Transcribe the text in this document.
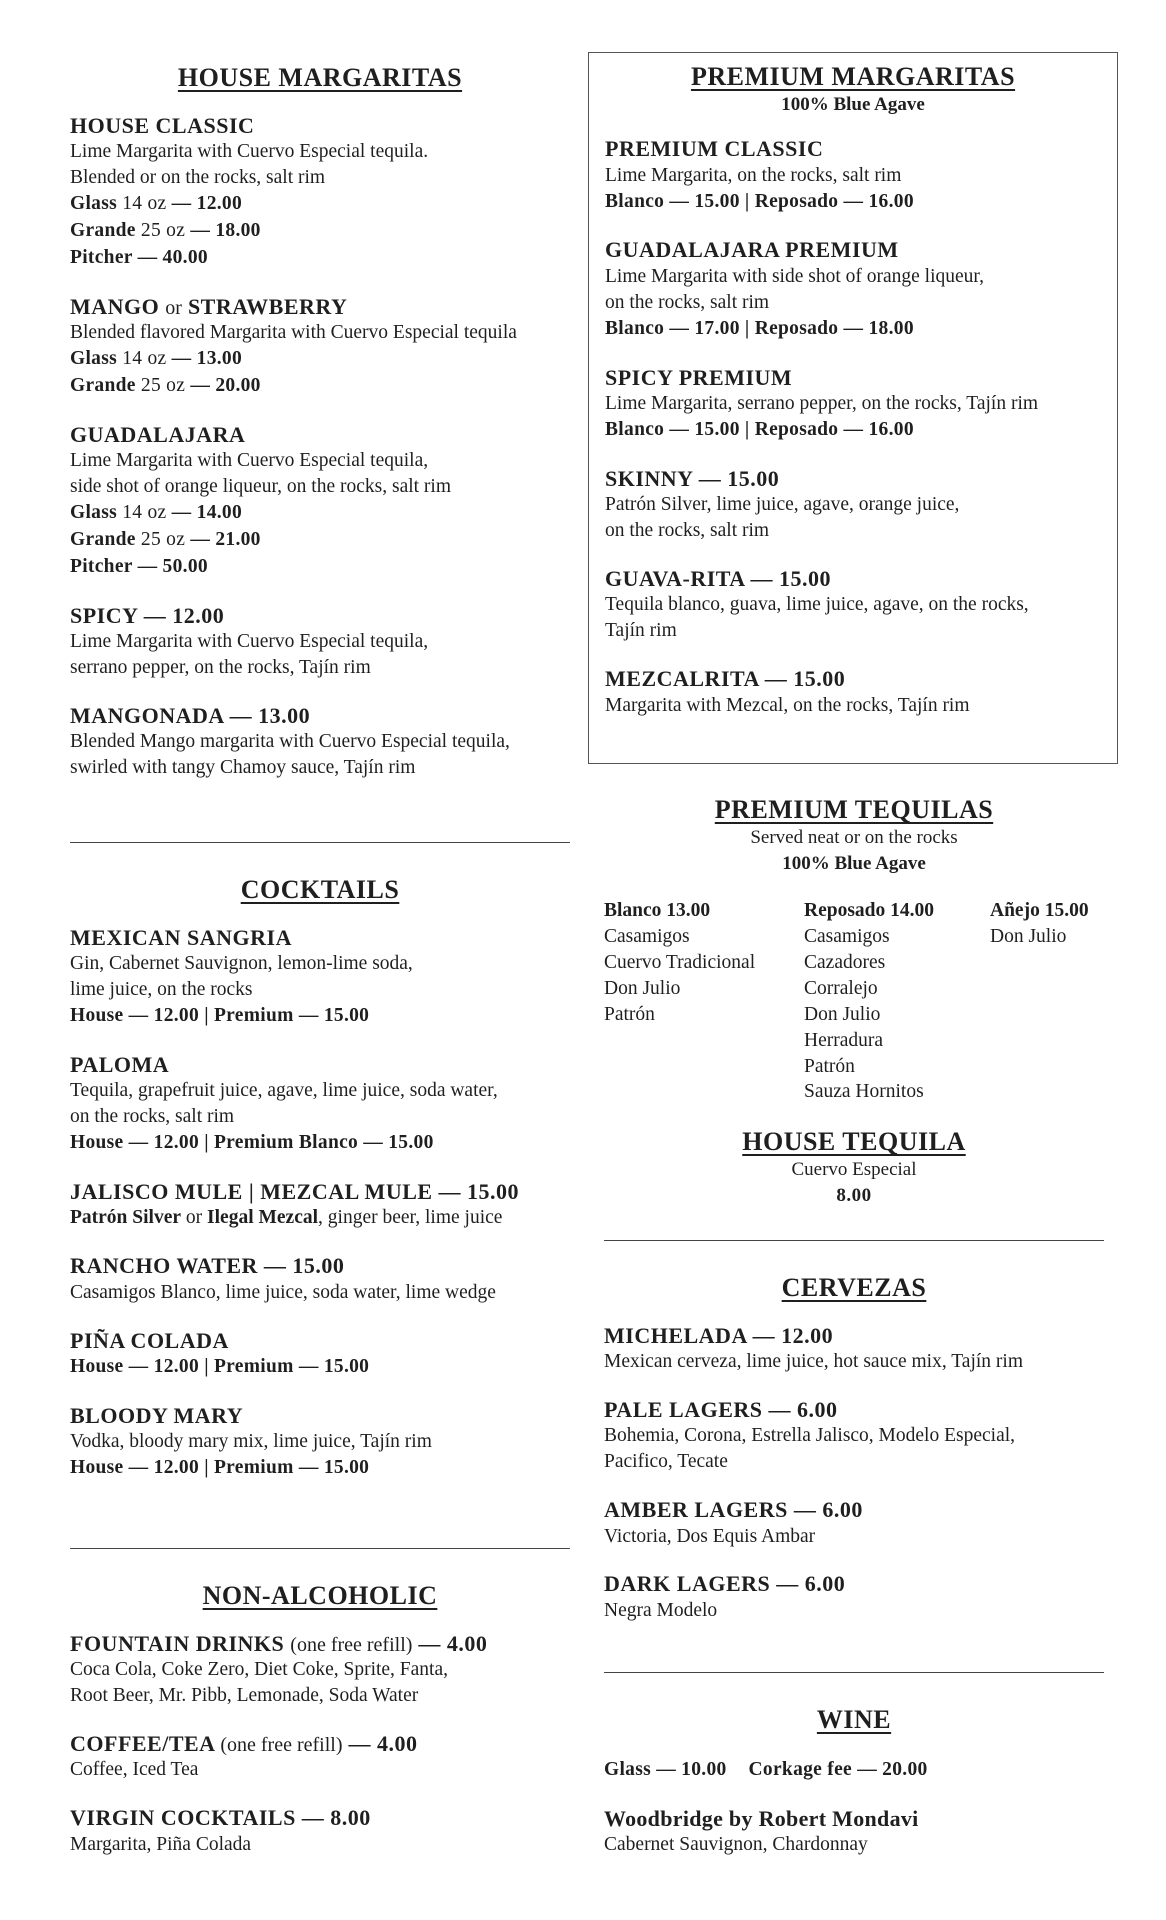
HOUSE MARGARITAS
HOUSE CLASSIC
Lime Margarita with Cuervo Especial tequila.
Blended or on the rocks, salt rim
Glass 14 oz — 12.00
Grande 25 oz — 18.00
Pitcher — 40.00
MANGO or STRAWBERRY
Blended flavored Margarita with Cuervo Especial tequila
Glass 14 oz — 13.00
Grande 25 oz — 20.00
GUADALAJARA
Lime Margarita with Cuervo Especial tequila,
side shot of orange liqueur, on the rocks, salt rim
Glass 14 oz — 14.00
Grande 25 oz — 21.00
Pitcher — 50.00
SPICY — 12.00
Lime Margarita with Cuervo Especial tequila,
serrano pepper, on the rocks, Tajín rim
MANGONADA — 13.00
Blended Mango margarita with Cuervo Especial tequila,
swirled with tangy Chamoy sauce, Tajín rim
COCKTAILS
MEXICAN SANGRIA
Gin, Cabernet Sauvignon, lemon-lime soda,
lime juice, on the rocks
House — 12.00 | Premium — 15.00
PALOMA
Tequila, grapefruit juice, agave, lime juice, soda water,
on the rocks, salt rim
House — 12.00 | Premium Blanco — 15.00
JALISCO MULE | MEZCAL MULE — 15.00
Patrón Silver or Ilegal Mezcal, ginger beer, lime juice
RANCHO WATER — 15.00
Casamigos Blanco, lime juice, soda water, lime wedge
PIÑA COLADA
House — 12.00 | Premium — 15.00
BLOODY MARY
Vodka, bloody mary mix, lime juice, Tajín rim
House — 12.00 | Premium — 15.00
NON-ALCOHOLIC
FOUNTAIN DRINKS (one free refill) — 4.00
Coca Cola, Coke Zero, Diet Coke, Sprite, Fanta,
Root Beer, Mr. Pibb, Lemonade, Soda Water
COFFEE/TEA (one free refill) — 4.00
Coffee, Iced Tea
VIRGIN COCKTAILS — 8.00
Margarita, Piña Colada
PREMIUM MARGARITAS
100% Blue Agave
PREMIUM CLASSIC
Lime Margarita, on the rocks, salt rim
Blanco — 15.00 | Reposado — 16.00
GUADALAJARA PREMIUM
Lime Margarita with side shot of orange liqueur,
on the rocks, salt rim
Blanco — 17.00 | Reposado — 18.00
SPICY PREMIUM
Lime Margarita, serrano pepper, on the rocks, Tajín rim
Blanco — 15.00 | Reposado — 16.00
SKINNY — 15.00
Patrón Silver, lime juice, agave, orange juice,
on the rocks, salt rim
GUAVA-RITA — 15.00
Tequila blanco, guava, lime juice, agave, on the rocks,
Tajín rim
MEZCALRITA — 15.00
Margarita with Mezcal, on the rocks, Tajín rim
PREMIUM TEQUILAS
Served neat or on the rocks
100% Blue Agave
Blanco 13.00
Casamigos
Cuervo Tradicional
Don Julio
Patrón
Reposado 14.00
Casamigos
Cazadores
Corralejo
Don Julio
Herradura
Patrón
Sauza Hornitos
Añejo 15.00
Don Julio
HOUSE TEQUILA
Cuervo Especial
8.00
CERVEZAS
MICHELADA — 12.00
Mexican cerveza, lime juice, hot sauce mix, Tajín rim
PALE LAGERS — 6.00
Bohemia, Corona, Estrella Jalisco, Modelo Especial,
Pacifico, Tecate
AMBER LAGERS — 6.00
Victoria, Dos Equis Ambar
DARK LAGERS — 6.00
Negra Modelo
WINE
Glass — 10.00 Corkage fee — 20.00
Woodbridge by Robert Mondavi
Cabernet Sauvignon, Chardonnay
